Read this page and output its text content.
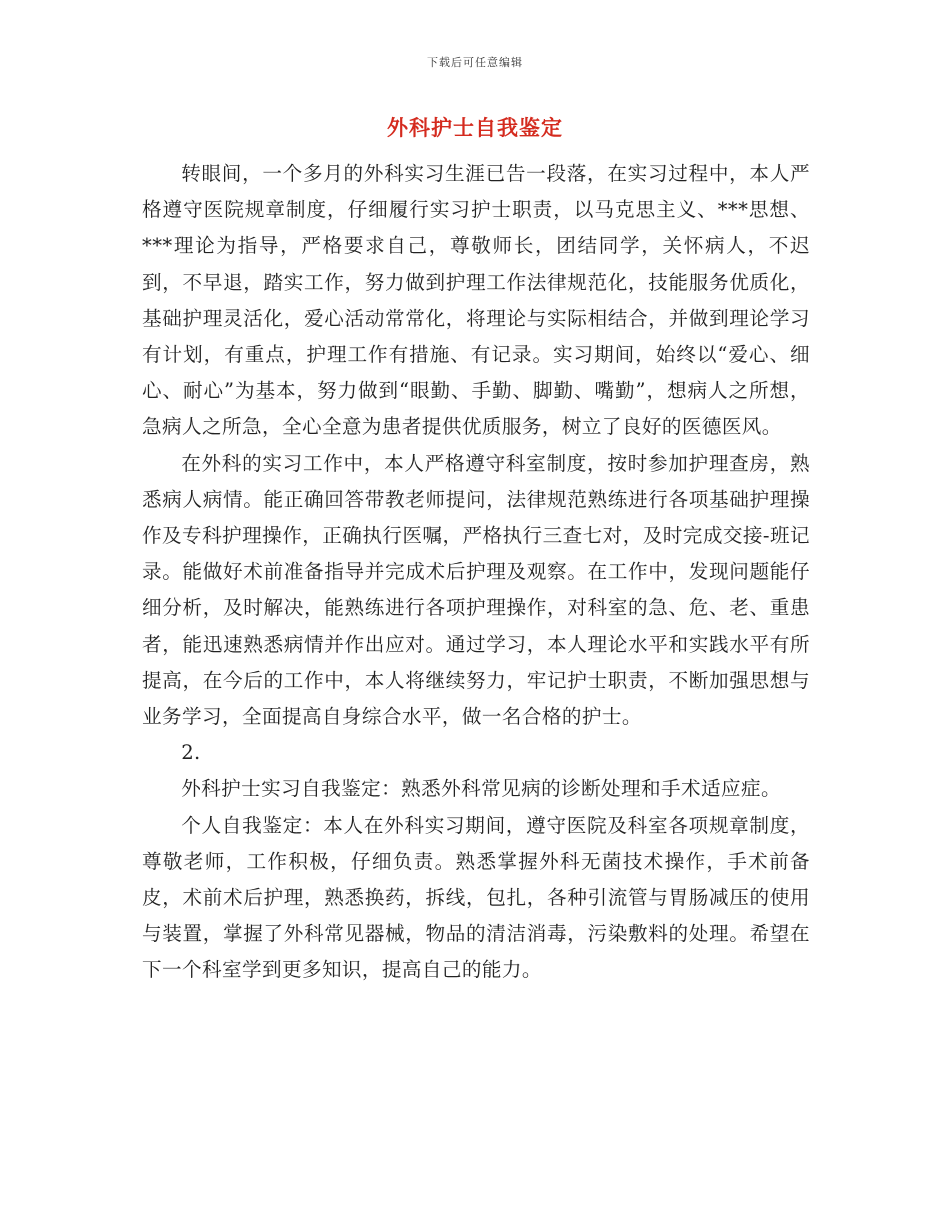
下载后可任意编辑
外科护士自我鉴定

转眼间，一个多月的外科实习生涯已告一段落，在实习过程中，本人严格遵守医院规章制度，仔细履行实习护士职责，以马克思主义、***思想、***理论为指导，严格要求自己，尊敬师长，团结同学，关怀病人，不迟到，不早退，踏实工作，努力做到护理工作法律规范化，技能服务优质化，基础护理灵活化，爱心活动常常化，将理论与实际相结合，并做到理论学习有计划，有重点，护理工作有措施、有记录。实习期间，始终以“爱心、细心、耐心”为基本，努力做到“眼勤、手勤、脚勤、嘴勤”，想病人之所想，急病人之所急，全心全意为患者提供优质服务，树立了良好的医德医风。

在外科的实习工作中，本人严格遵守科室制度，按时参加护理查房，熟悉病人病情。能正确回答带教老师提问，法律规范熟练进行各项基础护理操作及专科护理操作，正确执行医嘱，严格执行三查七对，及时完成交接-班记录。能做好术前准备指导并完成术后护理及观察。在工作中，发现问题能仔细分析，及时解决，能熟练进行各项护理操作，对科室的急、危、老、重患者，能迅速熟悉病情并作出应对。通过学习，本人理论水平和实践水平有所提高，在今后的工作中，本人将继续努力，牢记护士职责，不断加强思想与业务学习，全面提高自身综合水平，做一名合格的护士。

2.

外科护士实习自我鉴定：熟悉外科常见病的诊断处理和手术适应症。

个人自我鉴定：本人在外科实习期间，遵守医院及科室各项规章制度，尊敬老师，工作积极，仔细负责。熟悉掌握外科无菌技术操作，手术前备皮，术前术后护理，熟悉换药，拆线，包扎，各种引流管与胃肠减压的使用与装置，掌握了外科常见器械，物品的清洁消毒，污染敷料的处理。希望在下一个科室学到更多知识，提高自己的能力。
